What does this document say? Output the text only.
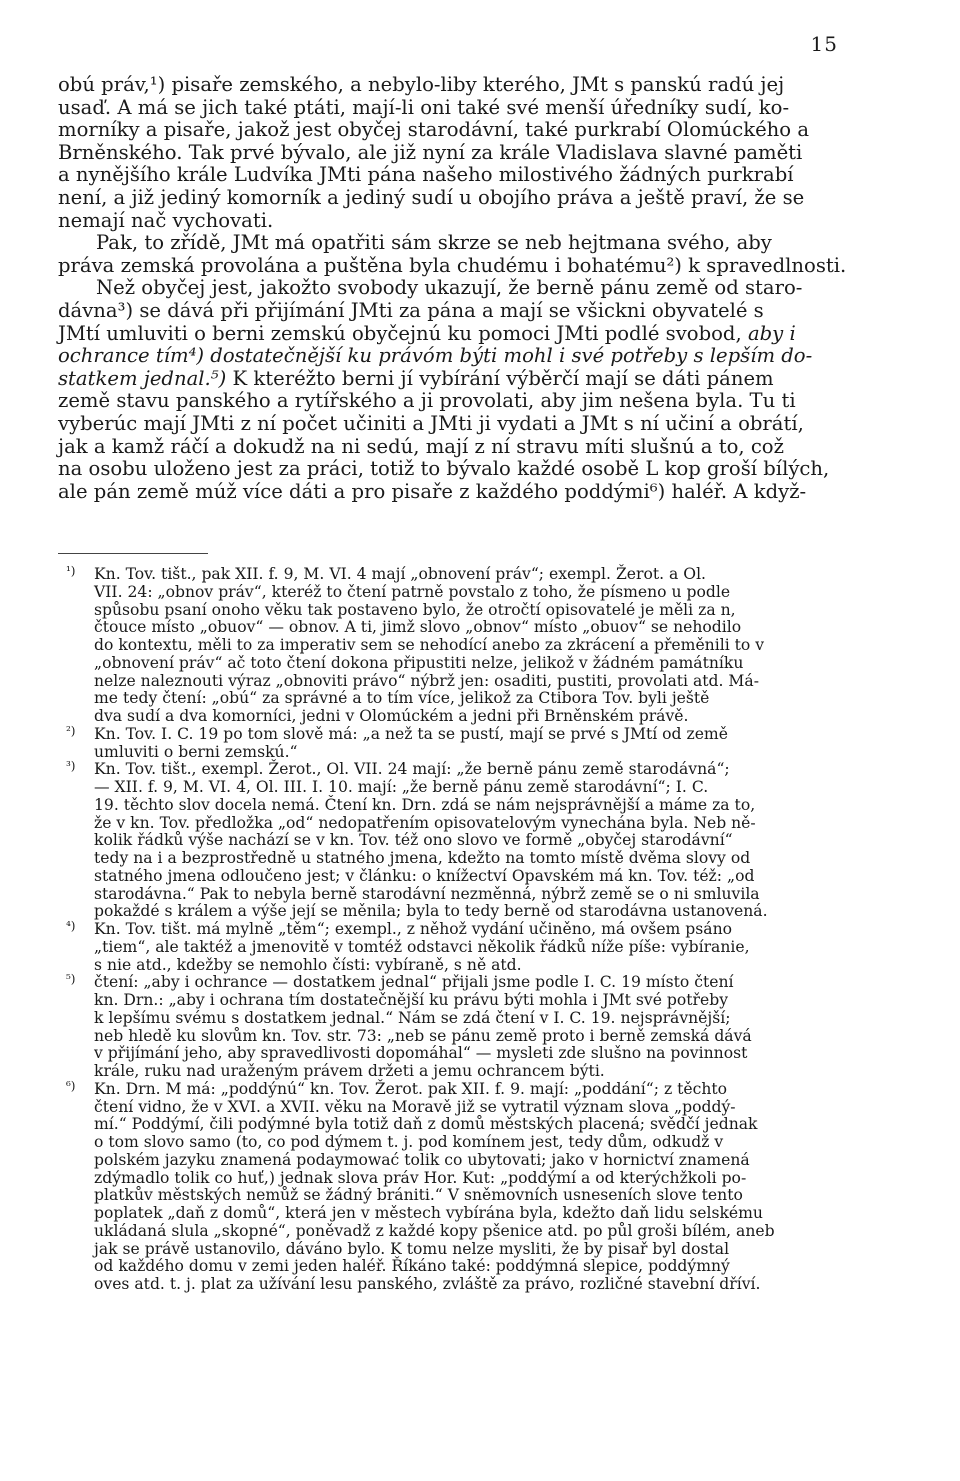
15

obú práv,¹) pisaře zemského, a nebylo-liby kterého, JMt s panskú radú jej
usaď. A má se jich také ptáti, mají-li oni také své menší úředníky sudí, ko-
morníky a pisaře, jakož jest obyčej starodávní, také purkrabí Olomúckého a
Brněnského. Tak prvé bývalo, ale již nyní za krále Vladislava slavné paměti
a nynějšího krále Ludvíka JMti pána našeho milostivého žádných purkrabí
není, a již jediný komorník a jediný sudí u obojího práva a ještě praví, že se
nemají nač vychovati.

Pak, to zřídě, JMt má opatřiti sám skrze se neb hejtmana svého, aby
práva zemská provolána a puštěna byla chudému i bohatému²) k spravedlnosti.

Než obyčej jest, jakožto svobody ukazují, že berně pánu země od staro-
dávna³) se dává při přijímání JMti za pána a mají se všickni obyvatelé s
JMtí umluviti o berni zemskú obyčejnú ku pomoci JMti podlé svobod, aby i
ochrance tím⁴) dostatečnější ku právóm býti mohl i své potřeby s lepším do-
statkem jednal.⁵) K kteréžto berni jí vybírání výběrčí mají se dáti pánem
země stavu panského a rytířského a ji provolati, aby jim nešena byla. Tu ti
vyberúc mají JMti z ní počet učiniti a JMti ji vydati a JMt s ní učiní a obrátí,
jak a kamž ráčí a dokudž na ni sedú, mají z ní stravu míti slušnú a to, což
na osobu uloženo jest za práci, totiž to bývalo každé osobě L kop groší bílých,
ale pán země múž více dáti a pro pisaře z každého poddými⁶) haléř. A když-

¹) Kn. Tov. tišt., pak XII. f. 9, M. VI. 4 mají „obnovení práv“; exempl. Žerot. a Ol.
VII. 24: „obnov práv“, kteréž to čtení patrně povstalo z toho, že písmeno u podle
spůsobu psaní onoho věku tak postaveno bylo, že otročtí opisovatelé je měli za n,
čtouce místo „obuov“ — obnov. A ti, jimž slovo „obnov“ místo „obuov“ se nehodilo
do kontextu, měli to za imperativ sem se nehodící anebo za zkrácení a přeměnili to v
„obnovení práv“ ač toto čtení dokona připustiti nelze, jelikož v žádném památníku
nelze naleznouti výraz „obnoviti právo“ nýbrž jen: osaditi, pustiti, provolati atd. Má-
me tedy čtení: „obú“ za správné a to tím více, jelikož za Ctibora Tov. byli ještě
dva sudí a dva komorníci, jedni v Olomúckém a jedni při Brněnském právě.
²) Kn. Tov. I. C. 19 po tom slově má: „a než ta se pustí, mají se prvé s JMtí od země
umluviti o berni zemskú.“
³) Kn. Tov. tišt., exempl. Žerot., Ol. VII. 24 mají: „že berně pánu země starodávná“;
— XII. f. 9, M. VI. 4, Ol. III. I. 10. mají: „že berně pánu země starodávní“; I. C.
19. těchto slov docela nemá. Čtení kn. Drn. zdá se nám nejsprávnější a máme za to,
že v kn. Tov. předložka „od“ nedopatřením opisovatelovým vynechána byla. Neb ně-
kolik řádků výše nachází se v kn. Tov. též ono slovo ve formě „obyčej starodávní“
tedy na i a bezprostředně u statného jmena, kdežto na tomto místě dvěma slovy od
statného jmena odloučeno jest; v článku: o knížectví Opavském má kn. Tov. též: „od
starodávna.“ Pak to nebyla berně starodávní nezměnná, nýbrž země se o ni smluvila
pokaždé s králem a výše její se měnila; byla to tedy berně od starodávna ustanovená.
⁴) Kn. Tov. tišt. má mylně „těm“; exempl., z něhož vydání učiněno, má ovšem psáno
„tiem“, ale taktéž a jmenovitě v tomtéž odstavci několik řádků níže píše: vybíranie,
s nie atd., kdežby se nemohlo čísti: vybíraně, s ně atd.
⁵) čtení: „aby i ochrance — dostatkem jednal“ přijali jsme podle I. C. 19 místo čtení
kn. Drn.: „aby i ochrana tím dostatečnější ku právu býti mohla i JMt své potřeby
k lepšímu svému s dostatkem jednal.“ Nám se zdá čtení v I. C. 19. nejsprávnější;
neb hledě ku slovům kn. Tov. str. 73: „neb se pánu země proto i berně zemská dává
v přijímání jeho, aby spravedlivosti dopomáhal“ — mysleti zde slušno na povinnost
krále, ruku nad uraženým právem držeti a jemu ochrancem býti.
⁶) Kn. Drn. M má: „poddýnú“ kn. Tov. Žerot. pak XII. f. 9. mají: „poddání“; z těchto
čtení vidno, že v XVI. a XVII. věku na Moravě již se vytratil význam slova „poddý-
mí.“ Poddýmí, čili podýmné byla totiž daň z domů městských placená; svědčí jednak
o tom slovo samo (to, co pod dýmem t. j. pod komínem jest, tedy dům, odkudž v
polském jazyku znamená podaymować tolik co ubytovati; jako v hornictví znamená
zdýmadlo tolik co huť,) jednak slova práv Hor. Kut: „poddýmí a od kterýchžkoli po-
platkův městských nemůž se žádný brániti.“ V sněmovních usneseních slove tento
poplatek „daň z domů“, která jen v městech vybírána byla, kdežto daň lidu selskému
ukládaná slula „skopné“, poněvadž z každé kopy pšenice atd. po půl groši bílém, aneb
jak se právě ustanovilo, dáváno bylo. K tomu nelze mysliti, že by pisař byl dostal
od každého domu v zemi jeden haléř. Říkáno také: poddýmná slepice, poddýmný
oves atd. t. j. plat za užívání lesu panského, zvláště za právo, rozličné stavební dříví.
